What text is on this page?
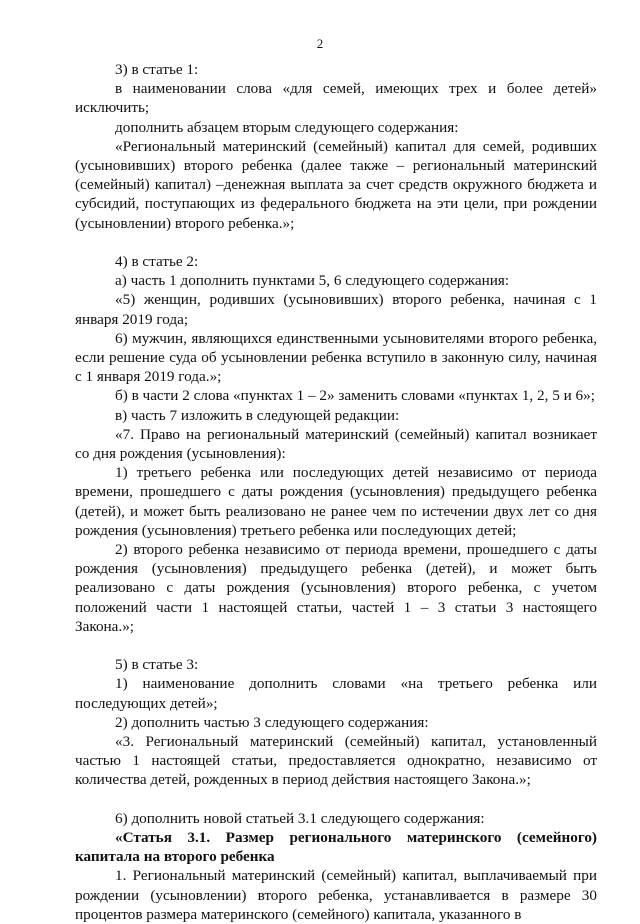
2

3) в статье 1:

в наименовании слова «для семей, имеющих трех и более детей» исключить;

дополнить абзацем вторым следующего содержания:

«Региональный материнский (семейный) капитал для семей, родивших (усыновивших) второго ребенка (далее также – региональный материнский (семейный) капитал) –денежная выплата за счет средств окружного бюджета и субсидий, поступающих из федерального бюджета на эти цели, при рождении (усыновлении) второго ребенка.»;

4) в статье 2:

а) часть 1 дополнить пунктами 5, 6 следующего содержания:

«5) женщин, родивших (усыновивших) второго ребенка, начиная с 1 января 2019 года;

6) мужчин, являющихся единственными усыновителями второго ребенка, если решение суда об усыновлении ребенка вступило в законную силу, начиная с 1 января 2019 года.»;

б) в части 2 слова «пунктах 1 – 2» заменить словами «пунктах 1, 2, 5 и 6»;

в) часть 7 изложить в следующей редакции:

«7. Право на региональный материнский (семейный) капитал возникает со дня рождения (усыновления):

1) третьего ребенка или последующих детей независимо от периода времени, прошедшего с даты рождения (усыновления) предыдущего ребенка (детей), и может быть реализовано не ранее чем по истечении двух лет со дня рождения (усыновления) третьего ребенка или последующих детей;

2) второго ребенка независимо от периода времени, прошедшего с даты рождения (усыновления) предыдущего ребенка (детей), и может быть реализовано с даты рождения (усыновления) второго ребенка, с учетом положений части 1 настоящей статьи, частей 1 – 3 статьи 3 настоящего Закона.»;

5) в статье 3:

1) наименование дополнить словами «на третьего ребенка или последующих детей»;

2) дополнить частью 3 следующего содержания:

«3. Региональный материнский (семейный) капитал, установленный частью 1 настоящей статьи, предоставляется однократно, независимо от количества детей, рожденных в период действия настоящего Закона.»;

6) дополнить новой статьей 3.1 следующего содержания:

«Статья 3.1. Размер регионального материнского (семейного) капитала на второго ребенка

1. Региональный материнский (семейный) капитал, выплачиваемый при рождении (усыновлении) второго ребенка, устанавливается в размере 30 процентов размера материнского (семейного) капитала, указанного в
